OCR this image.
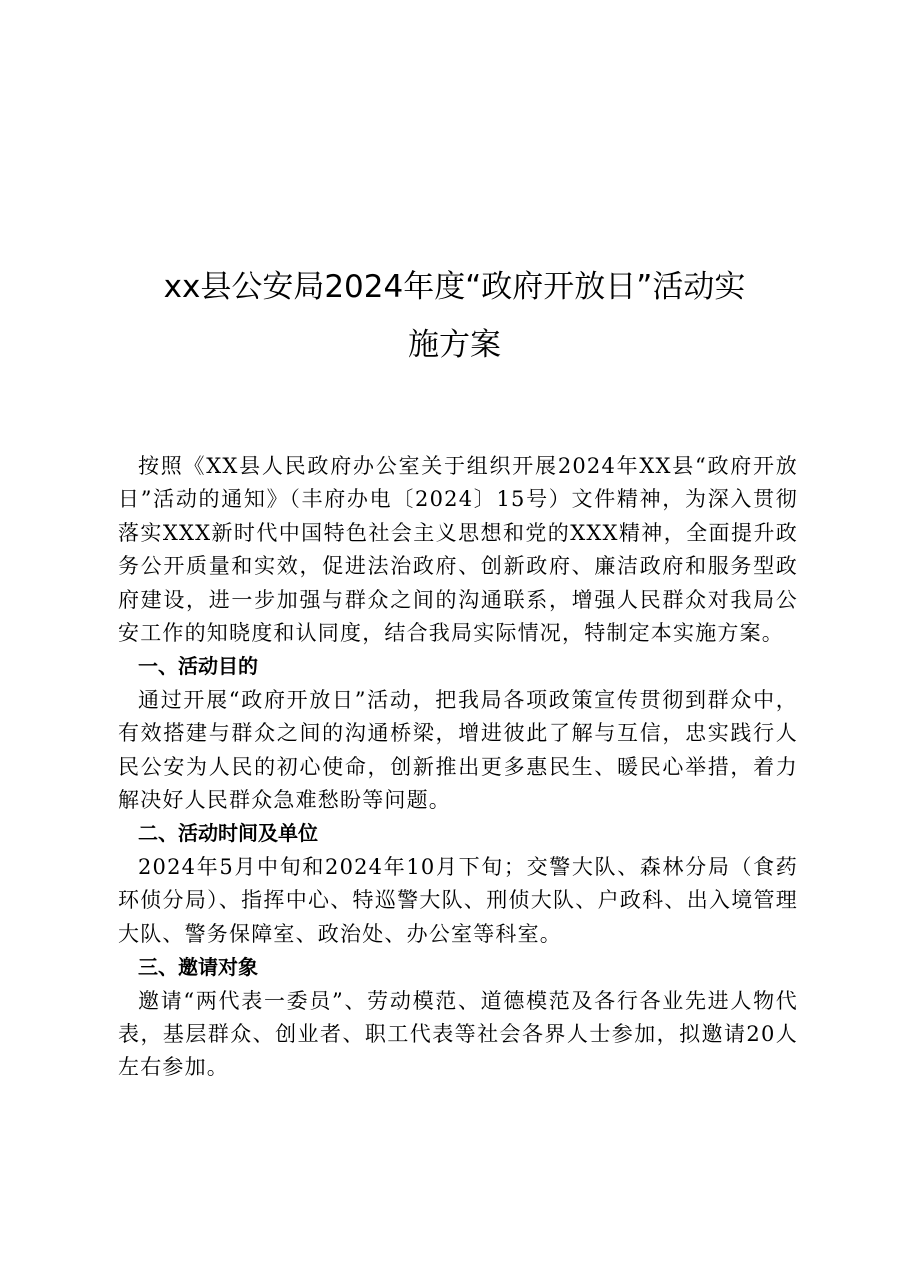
xx县公安局2024年度“政府开放日”活动实
施方案

按照《XX县人民政府办公室关于组织开展2024年XX县“政府开放日”活动的通知》（丰府办电〔2024〕15号）文件精神，为深入贯彻落实XXX新时代中国特色社会主义思想和党的XXX精神，全面提升政务公开质量和实效，促进法治政府、创新政府、廉洁政府和服务型政府建设，进一步加强与群众之间的沟通联系，增强人民群众对我局公安工作的知晓度和认同度，结合我局实际情况，特制定本实施方案。

一、活动目的

通过开展“政府开放日”活动，把我局各项政策宣传贯彻到群众中，有效搭建与群众之间的沟通桥梁，增进彼此了解与互信，忠实践行人民公安为人民的初心使命，创新推出更多惠民生、暖民心举措，着力解决好人民群众急难愁盼等问题。

二、活动时间及单位

2024年5月中旬和2024年10月下旬；交警大队、森林分局（食药环侦分局）、指挥中心、特巡警大队、刑侦大队、户政科、出入境管理大队、警务保障室、政治处、办公室等科室。

三、邀请对象

邀请“两代表一委员”、劳动模范、道德模范及各行各业先进人物代表，基层群众、创业者、职工代表等社会各界人士参加，拟邀请20人左右参加。
